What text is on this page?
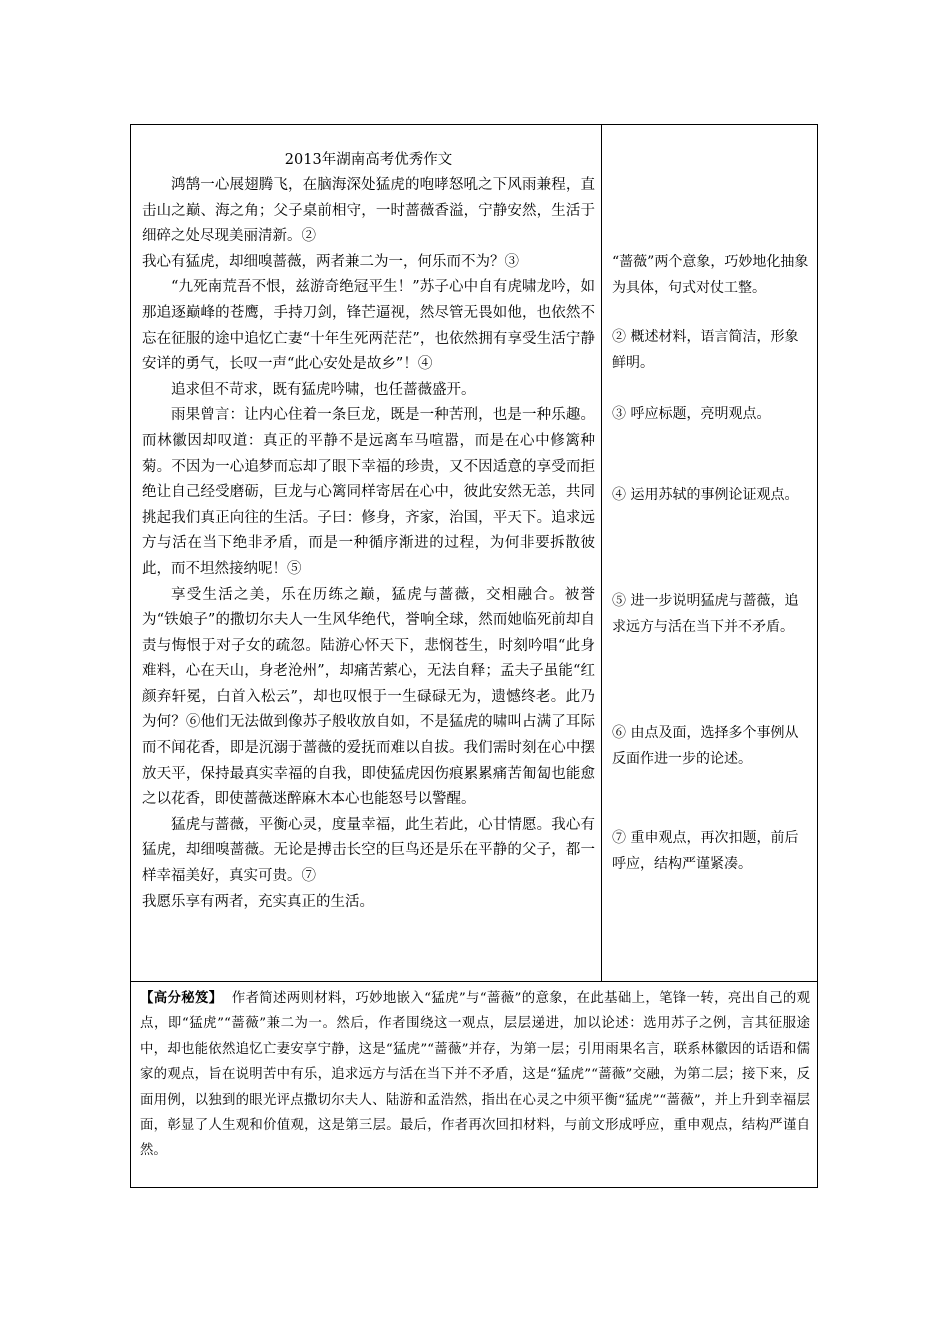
2013年湖南高考优秀作文

鸿鹄一心展翅腾飞，在脑海深处猛虎的咆哮怒吼之下风雨兼程，直击山之巅、海之角；父子桌前相守，一时蔷薇香溢，宁静安然，生活于细碎之处尽现美丽清新。②

我心有猛虎，却细嗅蔷薇，两者兼二为一，何乐而不为？③

“九死南荒吾不恨，兹游奇绝冠平生！”苏子心中自有虎啸龙吟，如那追逐巅峰的苍鹰，手持刀剑，锋芒逼视，然尽管无畏如他，也依然不忘在征服的途中追忆亡妻“十年生死两茫茫”，也依然拥有享受生活宁静安详的勇气，长叹一声“此心安处是故乡”！④

追求但不苛求，既有猛虎吟啸，也任蔷薇盛开。

雨果曾言：让内心住着一条巨龙，既是一种苦刑，也是一种乐趣。而林徽因却叹道：真正的平静不是远离车马喧嚣，而是在心中修篱种菊。不因为一心追梦而忘却了眼下幸福的珍贵，又不因适意的享受而拒绝让自己经受磨砺，巨龙与心篱同样寄居在心中，彼此安然无恙，共同挑起我们真正向往的生活。子曰：修身，齐家，治国，平天下。追求远方与活在当下绝非矛盾，而是一种循序渐进的过程，为何非要拆散彼此，而不坦然接纳呢！⑤

享受生活之美，乐在历练之巅，猛虎与蔷薇，交相融合。被誉为“铁娘子”的撒切尔夫人一生风华绝代，誉响全球，然而她临死前却自责与悔恨于对子女的疏忽。陆游心怀天下，悲悯苍生，时刻吟唱“此身难料，心在天山，身老沧州”，却痛苦萦心，无法自释；孟夫子虽能“红颜弃轩冕，白首入松云”，却也叹恨于一生碌碌无为，遗憾终老。此乃为何？⑥他们无法做到像苏子般收放自如，不是猛虎的啸叫占满了耳际而不闻花香，即是沉溺于蔷薇的爱抚而难以自拔。我们需时刻在心中摆放天平，保持最真实幸福的自我，即使猛虎因伤痕累累痛苦匍匐也能愈之以花香，即使蔷薇迷醉麻木本心也能怒号以警醒。

猛虎与蔷薇，平衡心灵，度量幸福，此生若此，心甘情愿。我心有猛虎，却细嗅蔷薇。无论是搏击长空的巨鸟还是乐在平静的父子，都一样幸福美好，真实可贵。⑦

我愿乐享有两者，充实真正的生活。

“蔷薇”两个意象，巧妙地化抽象为具体，句式对仗工整。

② 概述材料，语言简洁，形象鲜明。

③ 呼应标题，亮明观点。

④ 运用苏轼的事例论证观点。

⑤ 进一步说明猛虎与蔷薇，追求远方与活在当下并不矛盾。

⑥ 由点及面，选择多个事例从反面作进一步的论述。

⑦ 重申观点，再次扣题，前后呼应，结构严谨紧凑。

【高分秘笈】 作者简述两则材料，巧妙地嵌入“猛虎”与“蔷薇”的意象，在此基础上，笔锋一转，亮出自己的观点，即“猛虎”“蔷薇”兼二为一。然后，作者围绕这一观点，层层递进，加以论述：选用苏子之例，言其征服途中，却也能依然追忆亡妻安享宁静，这是“猛虎”“蔷薇”并存，为第一层；引用雨果名言，联系林徽因的话语和儒家的观点，旨在说明苦中有乐，追求远方与活在当下并不矛盾，这是“猛虎”“蔷薇”交融，为第二层；接下来，反面用例，以独到的眼光评点撒切尔夫人、陆游和孟浩然，指出在心灵之中须平衡“猛虎”“蔷薇”，并上升到幸福层面，彰显了人生观和价值观，这是第三层。最后，作者再次回扣材料，与前文形成呼应，重申观点，结构严谨自然。
